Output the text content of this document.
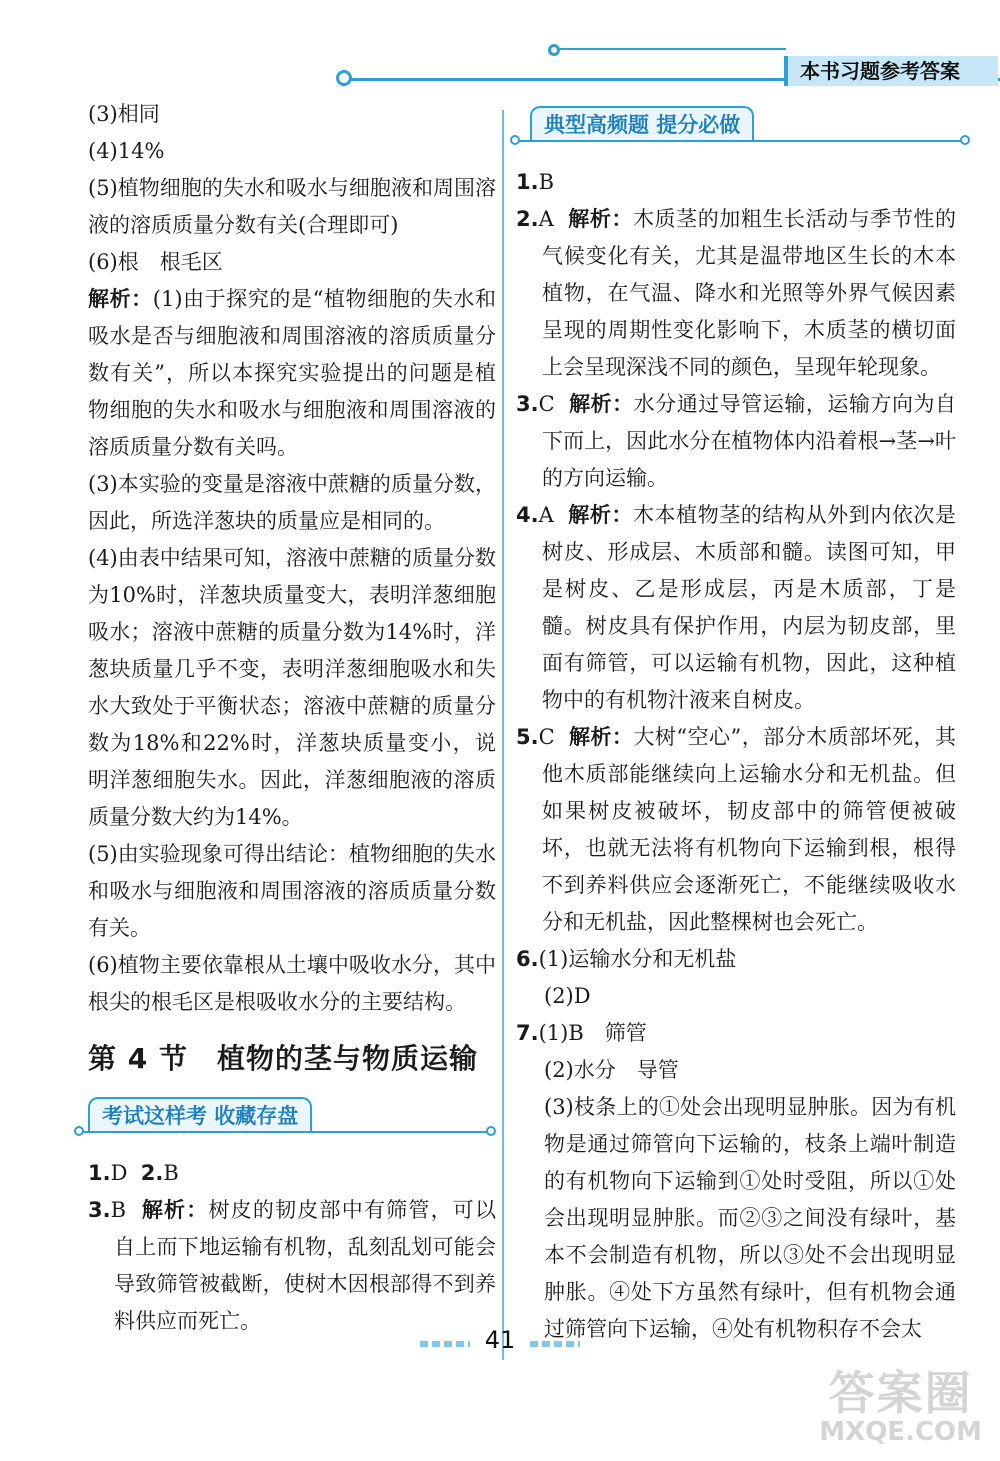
本书习题参考答案

(3)相同

(4)14%

(5)植物细胞的失水和吸水与细胞液和周围溶液的溶质质量分数有关(合理即可)

(6)根　根毛区

解析：(1)由于探究的是“植物细胞的失水和吸水是否与细胞液和周围溶液的溶质质量分数有关”，所以本探究实验提出的问题是植物细胞的失水和吸水与细胞液和周围溶液的溶质质量分数有关吗。

(3)本实验的变量是溶液中蔗糖的质量分数，因此，所选洋葱块的质量应是相同的。

(4)由表中结果可知，溶液中蔗糖的质量分数为10%时，洋葱块质量变大，表明洋葱细胞吸水；溶液中蔗糖的质量分数为14%时，洋葱块质量几乎不变，表明洋葱细胞吸水和失水大致处于平衡状态；溶液中蔗糖的质量分数为18%和22%时，洋葱块质量变小，说明洋葱细胞失水。因此，洋葱细胞液的溶质质量分数大约为14%。

(5)由实验现象可得出结论：植物细胞的失水和吸水与细胞液和周围溶液的溶质质量分数有关。

(6)植物主要依靠根从土壤中吸收水分，其中根尖的根毛区是根吸收水分的主要结构。

第 4 节　植物的茎与物质运输
考试这样考 收藏存盘

1.D 2.B

3.B 解析：树皮的韧皮部中有筛管，可以自上而下地运输有机物，乱刻乱划可能会导致筛管被截断，使树木因根部得不到养料供应而死亡。

典型高频题 提分必做

1.B

2.A 解析：木质茎的加粗生长活动与季节性的气候变化有关，尤其是温带地区生长的木本植物，在气温、降水和光照等外界气候因素呈现的周期性变化影响下，木质茎的横切面上会呈现深浅不同的颜色，呈现年轮现象。

3.C 解析：水分通过导管运输，运输方向为自下而上，因此水分在植物体内沿着根→茎→叶的方向运输。

4.A 解析：木本植物茎的结构从外到内依次是树皮、形成层、木质部和髓。读图可知，甲是树皮、乙是形成层，丙是木质部，丁是髓。树皮具有保护作用，内层为韧皮部，里面有筛管，可以运输有机物，因此，这种植物中的有机物汁液来自树皮。

5.C 解析：大树“空心”，部分木质部坏死，其他木质部能继续向上运输水分和无机盐。但如果树皮被破坏，韧皮部中的筛管便被破坏，也就无法将有机物向下运输到根，根得不到养料供应会逐渐死亡，不能继续吸收水分和无机盐，因此整棵树也会死亡。

6.(1)运输水分和无机盐

(2)D

7.(1)B　筛管

(2)水分　导管

(3)枝条上的①处会出现明显肿胀。因为有机物是通过筛管向下运输的，枝条上端叶制造的有机物向下运输到①处时受阻，所以①处会出现明显肿胀。而②③之间没有绿叶，基本不会制造有机物，所以③处不会出现明显肿胀。④处下方虽然有绿叶，但有机物会通过筛管向下运输，④处有机物积存不会太

41
答案圈
MXQE.COM
